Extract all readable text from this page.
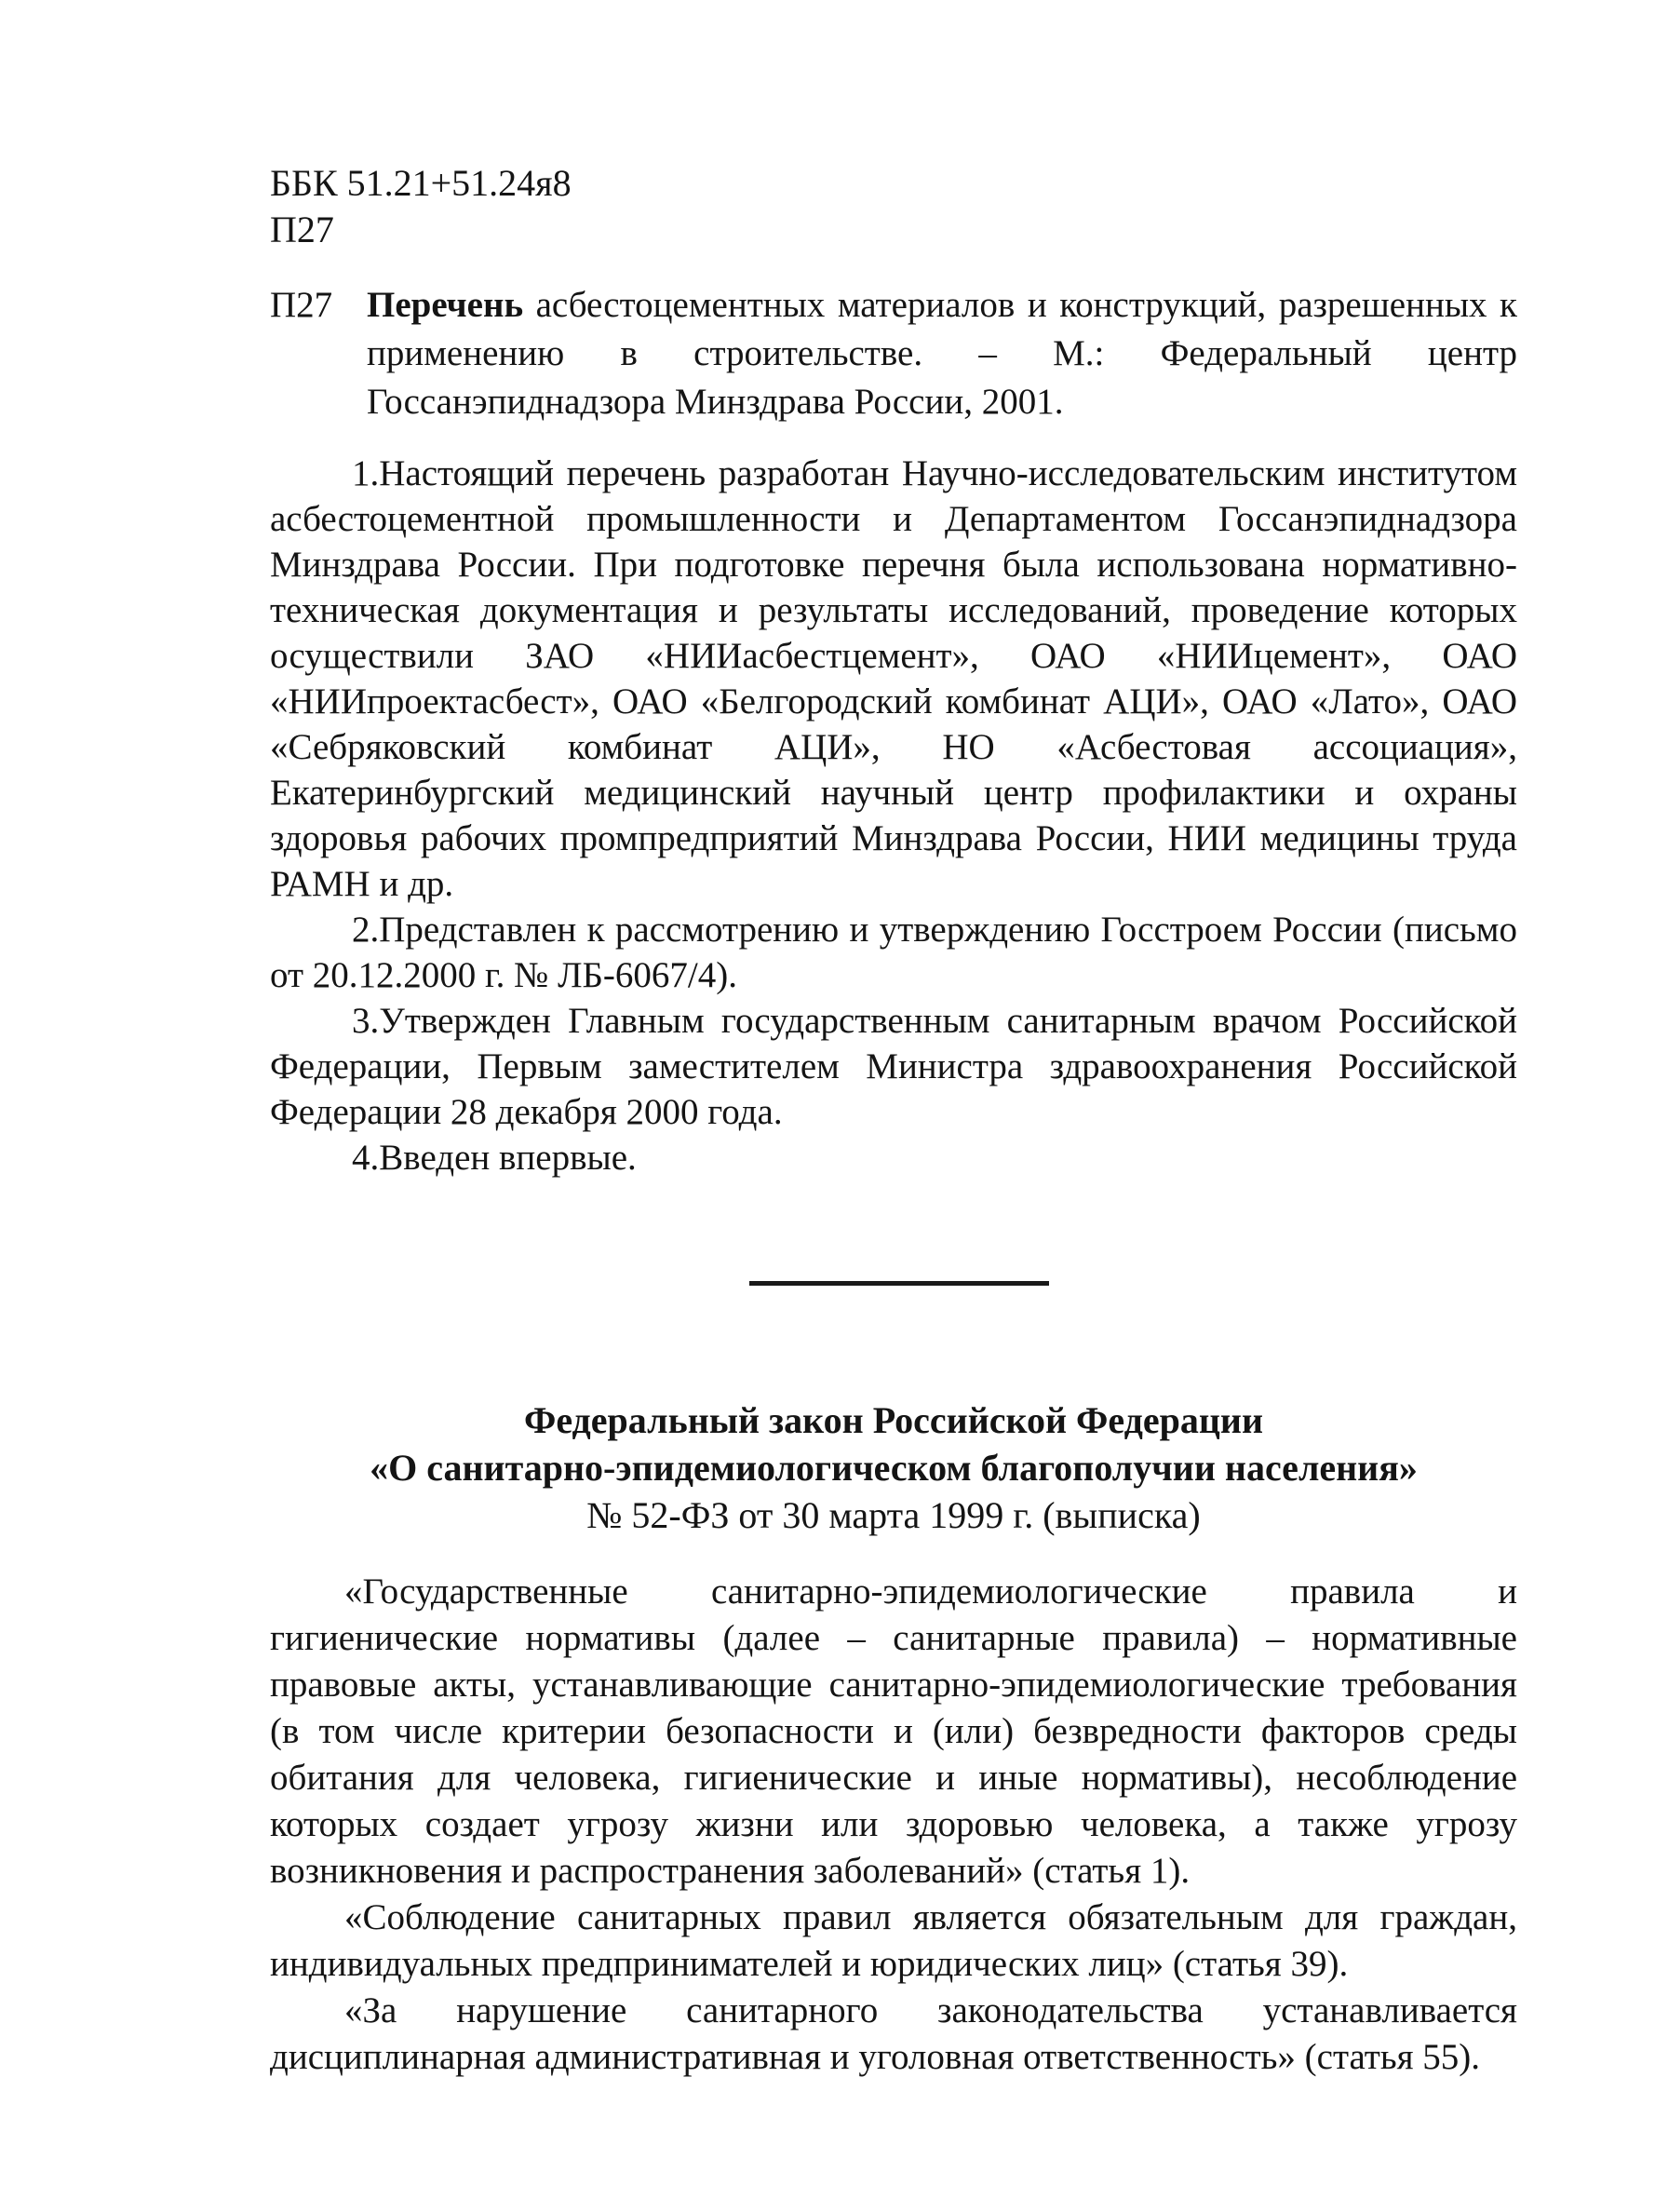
ББК 51.21+51.24я8
П27
П27 Перечень асбестоцементных материалов и конструкций, разрешенных к применению в строительстве. – М.: Федеральный центр Госсанэпиднадзора Минздрава России, 2001.

1.Настоящий перечень разработан Научно-исследовательским институтом асбестоцементной промышленности и Департаментом Госсанэпиднадзора Минздрава России. При подготовке перечня была использована нормативно-техническая документация и результаты исследований, проведение которых осуществили ЗАО «НИИасбестцемент», ОАО «НИИцемент», ОАО «НИИпроектасбест», ОАО «Белгородский комбинат АЦИ», ОАО «Лато», ОАО «Себряковский комбинат АЦИ», НО «Асбестовая ассоциация», Екатеринбургский медицинский научный центр профилактики и охраны здоровья рабочих промпредприятий Минздрава России, НИИ медицины труда РАМН и др.

2.Представлен к рассмотрению и утверждению Госстроем России (письмо от 20.12.2000 г. № ЛБ-6067/4).

3.Утвержден Главным государственным санитарным врачом Российской Федерации, Первым заместителем Министра здравоохранения Российской Федерации 28 декабря 2000 года.

4.Введен впервые.

Федеральный закон Российской Федерации
«О санитарно-эпидемиологическом благополучии населения»
№ 52-ФЗ от 30 марта 1999 г. (выписка)

«Государственные санитарно-эпидемиологические правила и гигиенические нормативы (далее – санитарные правила) – нормативные правовые акты, устанавливающие санитарно-эпидемиологические требования (в том числе критерии безопасности и (или) безвредности факторов среды обитания для человека, гигиенические и иные нормативы), несоблюдение которых создает угрозу жизни или здоровью человека, а также угрозу возникновения и распространения заболеваний» (статья 1).

«Соблюдение санитарных правил является обязательным для граждан, индивидуальных предпринимателей и юридических лиц» (статья 39).

«За нарушение санитарного законодательства устанавливается дисциплинарная административная и уголовная ответственность» (статья 55).
